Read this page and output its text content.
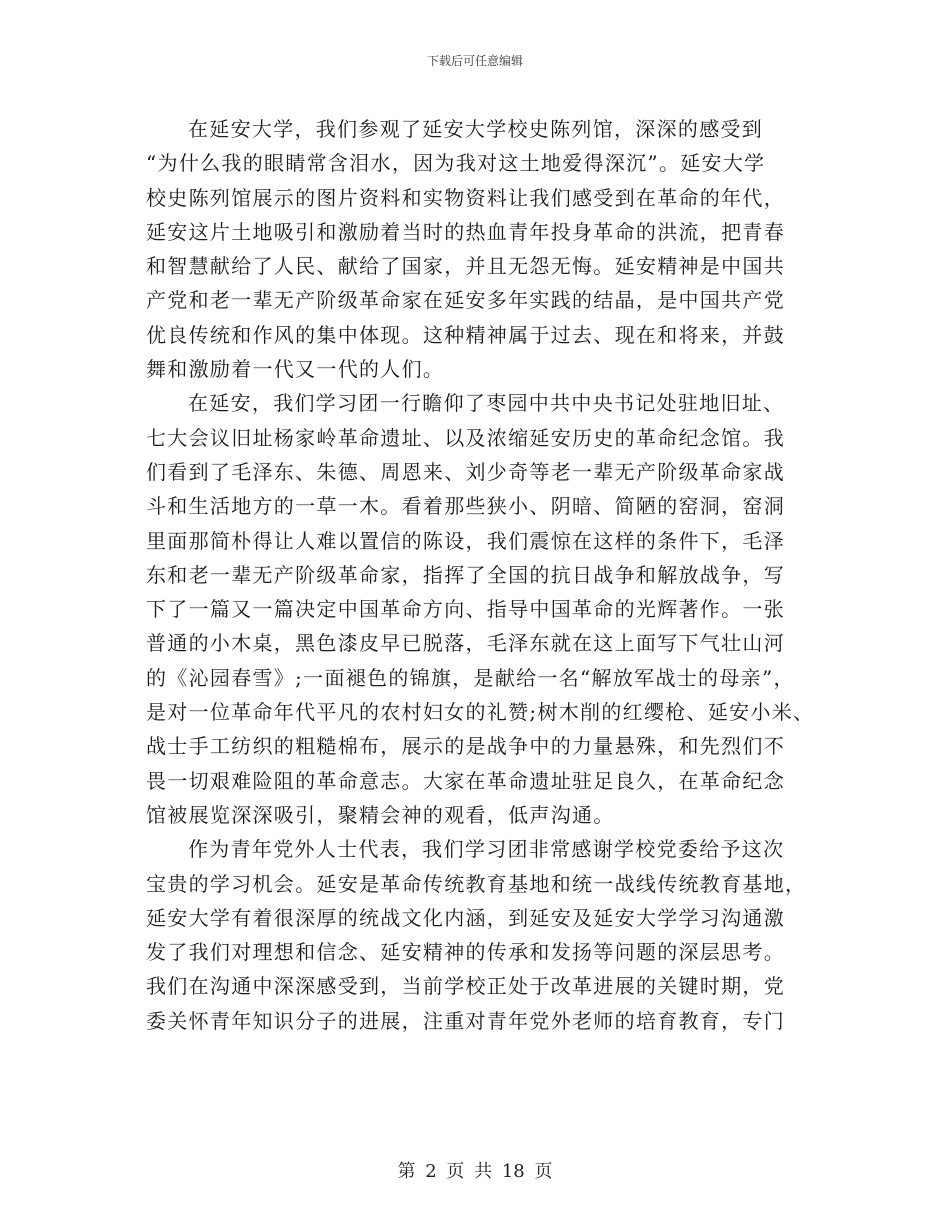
下载后可任意编辑
在延安大学，我们参观了延安大学校史陈列馆，深深的感受到
“为什么我的眼睛常含泪水，因为我对这土地爱得深沉”。延安大学
校史陈列馆展示的图片资料和实物资料让我们感受到在革命的年代，
延安这片土地吸引和激励着当时的热血青年投身革命的洪流，把青春
和智慧献给了人民、献给了国家，并且无怨无悔。延安精神是中国共
产党和老一辈无产阶级革命家在延安多年实践的结晶，是中国共产党
优良传统和作风的集中体现。这种精神属于过去、现在和将来，并鼓
舞和激励着一代又一代的人们。
在延安，我们学习团一行瞻仰了枣园中共中央书记处驻地旧址、
七大会议旧址杨家岭革命遗址、以及浓缩延安历史的革命纪念馆。我
们看到了毛泽东、朱德、周恩来、刘少奇等老一辈无产阶级革命家战
斗和生活地方的一草一木。看着那些狭小、阴暗、简陋的窑洞，窑洞
里面那简朴得让人难以置信的陈设，我们震惊在这样的条件下，毛泽
东和老一辈无产阶级革命家，指挥了全国的抗日战争和解放战争，写
下了一篇又一篇决定中国革命方向、指导中国革命的光辉著作。一张
普通的小木桌，黑色漆皮早已脱落，毛泽东就在这上面写下气壮山河
的《沁园春雪》;一面褪色的锦旗，是献给一名“解放军战士的母亲”，
是对一位革命年代平凡的农村妇女的礼赞;树木削的红缨枪、延安小米、
战士手工纺织的粗糙棉布，展示的是战争中的力量悬殊，和先烈们不
畏一切艰难险阻的革命意志。大家在革命遗址驻足良久，在革命纪念
馆被展览深深吸引，聚精会神的观看，低声沟通。
作为青年党外人士代表，我们学习团非常感谢学校党委给予这次
宝贵的学习机会。延安是革命传统教育基地和统一战线传统教育基地，
延安大学有着很深厚的统战文化内涵，到延安及延安大学学习沟通激
发了我们对理想和信念、延安精神的传承和发扬等问题的深层思考。
我们在沟通中深深感受到，当前学校正处于改革进展的关键时期，党
委关怀青年知识分子的进展，注重对青年党外老师的培育教育，专门
第 2 页 共 18 页
